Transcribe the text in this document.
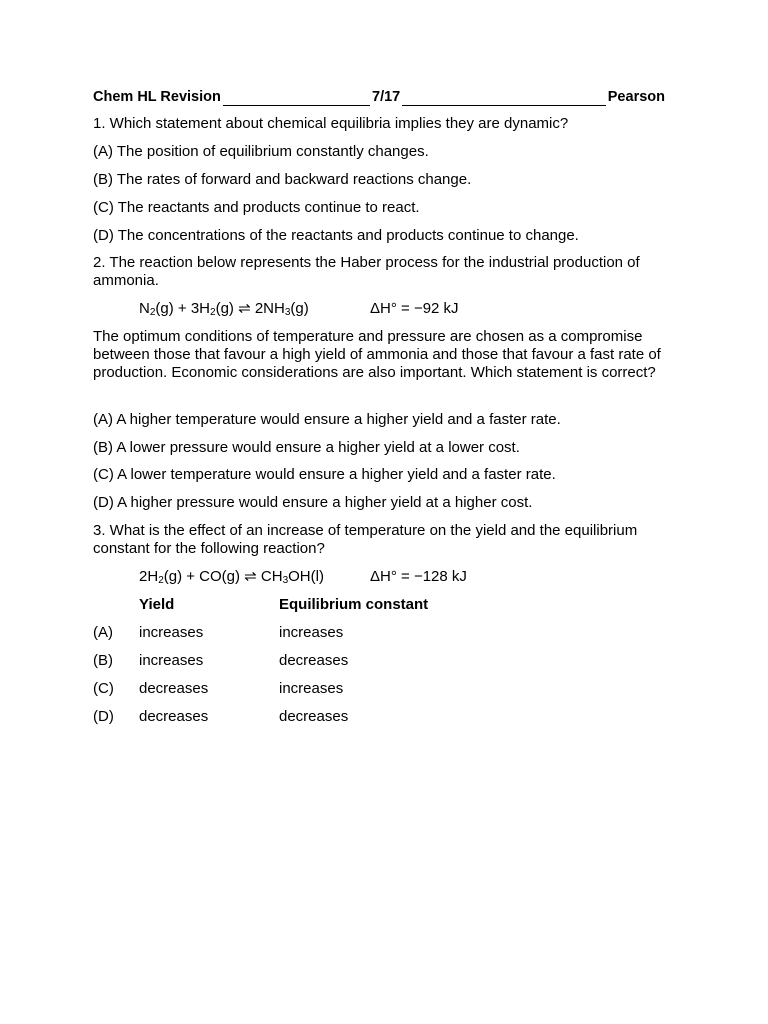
Chem HL Revision	7/17	Pearson
1. Which statement about chemical equilibria implies they are dynamic?
(A) The position of equilibrium constantly changes.
(B) The rates of forward and backward reactions change.
(C) The reactants and products continue to react.
(D) The concentrations of the reactants and products continue to change.
2. The reaction below represents the Haber process for the industrial production of ammonia.
$N_2(g) + 3H_2(g)$ ⇌ $2NH_3(g)$	ΔH° = −92 kJ
The optimum conditions of temperature and pressure are chosen as a compromise between those that favour a high yield of ammonia and those that favour a fast rate of production. Economic considerations are also important. Which statement is correct?
(A) A higher temperature would ensure a higher yield and a faster rate.
(B) A lower pressure would ensure a higher yield at a lower cost.
(C) A lower temperature would ensure a higher yield and a faster rate.
(D) A higher pressure would ensure a higher yield at a higher cost.
3. What is the effect of an increase of temperature on the yield and the equilibrium constant for the following reaction?
$2H_2(g) + CO(g)$ ⇌ $CH_3OH(l)$	ΔH° = −128 kJ
Yield	Equilibrium constant
(A) increases	increases
(B) increases	decreases
(C) decreases	increases
(D) decreases	decreases
